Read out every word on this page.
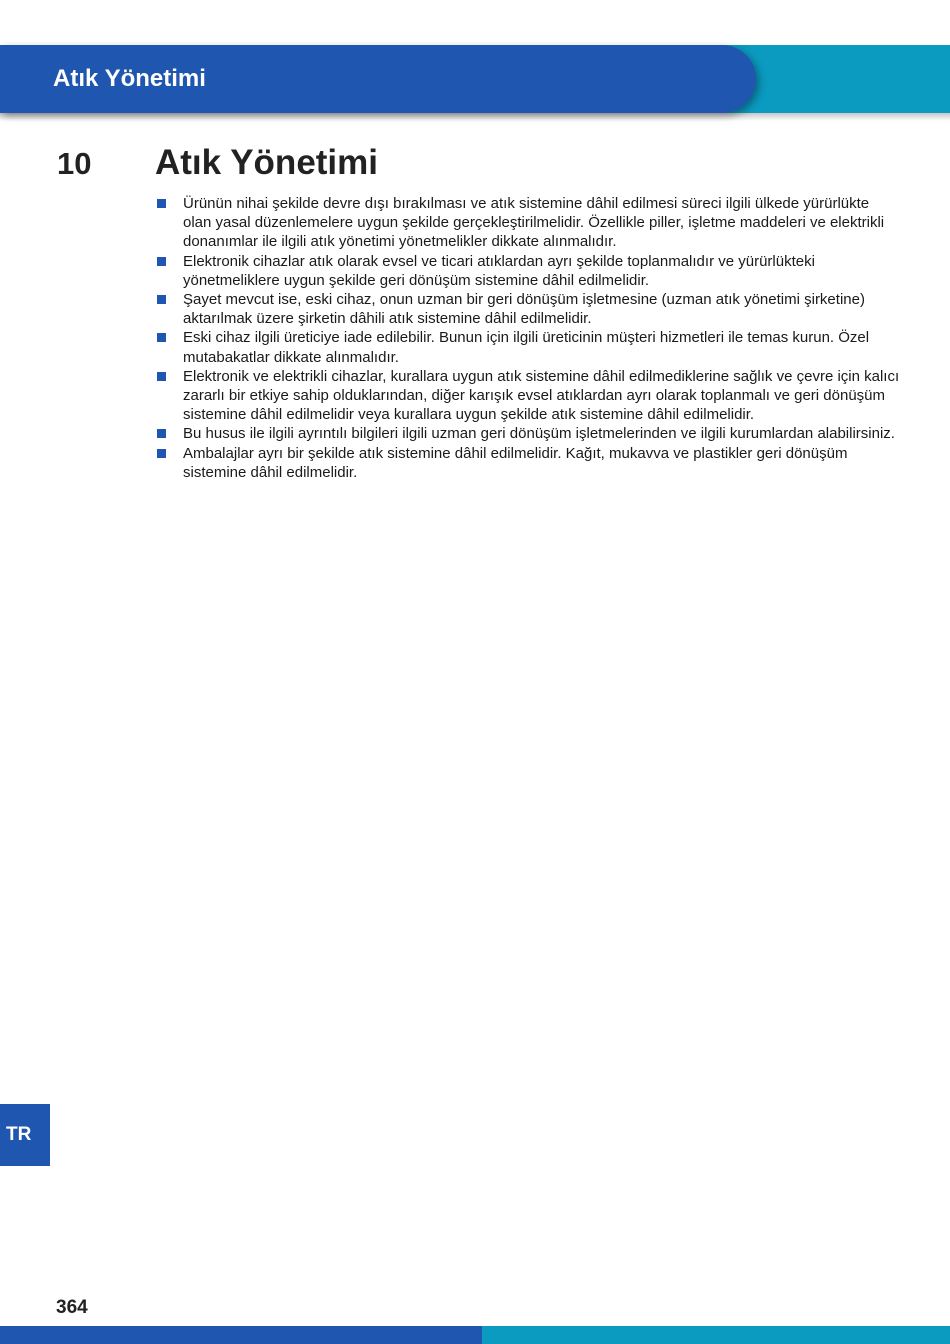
Atık Yönetimi
10 Atık Yönetimi
Ürünün nihai şekilde devre dışı bırakılması ve atık sistemine dâhil edilmesi süreci ilgili ülkede yürürlükte olan yasal düzenlemelere uygun şekilde gerçekleştirilmelidir. Özellikle piller, işletme maddeleri ve elektrikli donanımlar ile ilgili atık yönetimi yönetmelikler dikkate alınmalıdır.
Elektronik cihazlar atık olarak evsel ve ticari atıklardan ayrı şekilde toplanmalıdır ve yürürlükteki yönetmeliklere uygun şekilde geri dönüşüm sistemine dâhil edilmelidir.
Şayet mevcut ise, eski cihaz, onun uzman bir geri dönüşüm işletmesine (uzman atık yönetimi şirketine) aktarılmak üzere şirketin dâhili atık sistemine dâhil edilmelidir.
Eski cihaz ilgili üreticiye iade edilebilir. Bunun için ilgili üreticinin müşteri hizmetleri ile temas kurun. Özel mutabakatlar dikkate alınmalıdır.
Elektronik ve elektrikli cihazlar, kurallara uygun atık sistemine dâhil edilmediklerine sağlık ve çevre için kalıcı zararlı bir etkiye sahip olduklarından, diğer karışık evsel atıklardan ayrı olarak toplanmalı ve geri dönüşüm sistemine dâhil edilmelidir veya kurallara uygun şekilde atık sistemine dâhil edilmelidir.
Bu husus ile ilgili ayrıntılı bilgileri ilgili uzman geri dönüşüm işletmelerinden ve ilgili kurumlardan alabilirsiniz.
Ambalajlar ayrı bir şekilde atık sistemine dâhil edilmelidir. Kağıt, mukavva ve plastikler geri dönüşüm sistemine dâhil edilmelidir.
TR
364
